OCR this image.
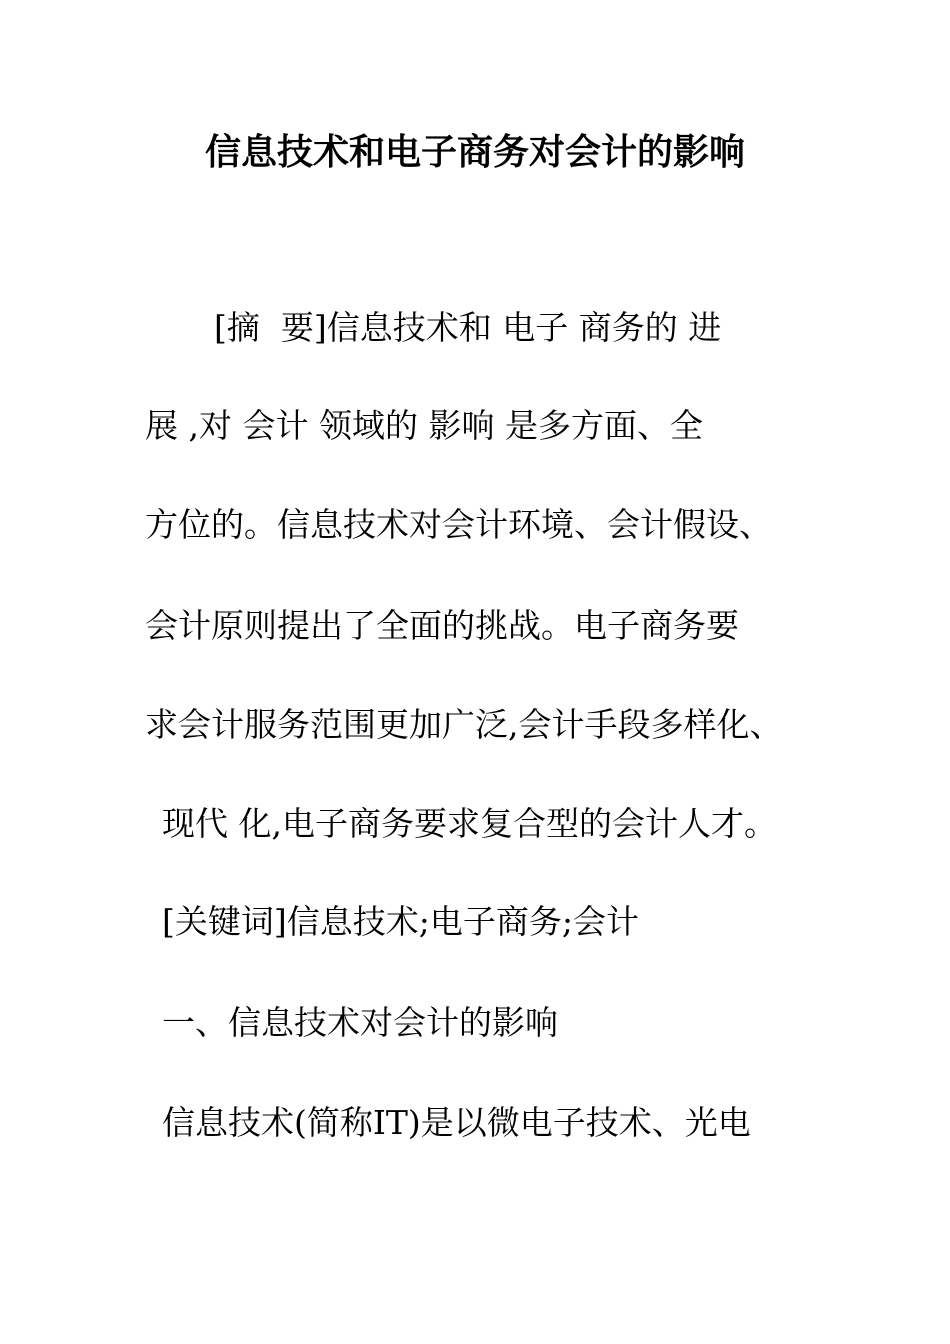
信息技术和电子商务对会计的影响
[摘  要]信息技术和 电子 商务的 进
展 ,对 会计 领域的 影响 是多方面、全
方位的。信息技术对会计环境、会计假设、
会计原则提出了全面的挑战。电子商务要
求会计服务范围更加广泛,会计手段多样化、
现代 化,电子商务要求复合型的会计人才。
[关键词]信息技术;电子商务;会计
一、信息技术对会计的影响
信息技术(简称IT)是以微电子技术、光电
